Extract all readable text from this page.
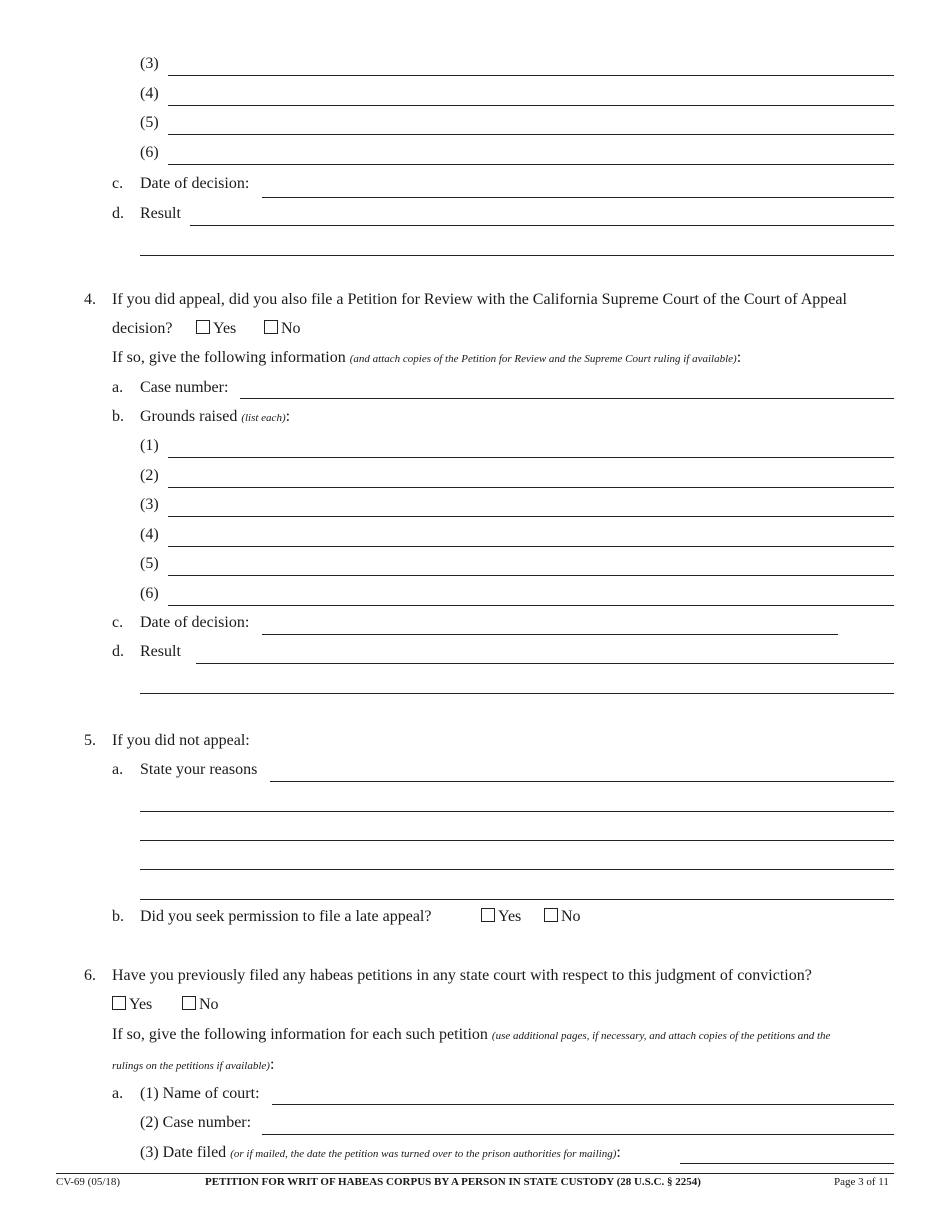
(3)
(4)
(5)
(6)
c. Date of decision:
d. Result
4. If you did appeal, did you also file a Petition for Review with the California Supreme Court of the Court of Appeal
decision?	Yes	No
If so, give the following information (and attach copies of the Petition for Review and the Supreme Court ruling if available):
a. Case number:
b. Grounds raised (list each):
(1)
(2)
(3)
(4)
(5)
(6)
c. Date of decision:
d. Result
5. If you did not appeal:
a. State your reasons
b. Did you seek permission to file a late appeal?	Yes	No
6. Have you previously filed any habeas petitions in any state court with respect to this judgment of conviction?
Yes	No
If so, give the following information for each such petition (use additional pages, if necessary, and attach copies of the petitions and the
rulings on the petitions if available):
a. (1) Name of court:
(2) Case number:
(3) Date filed (or if mailed, the date the petition was turned over to the prison authorities for mailing):
CV-69 (05/18)	PETITION FOR WRIT OF HABEAS CORPUS BY A PERSON IN STATE CUSTODY (28 U.S.C. § 2254)	Page 3 of 11
